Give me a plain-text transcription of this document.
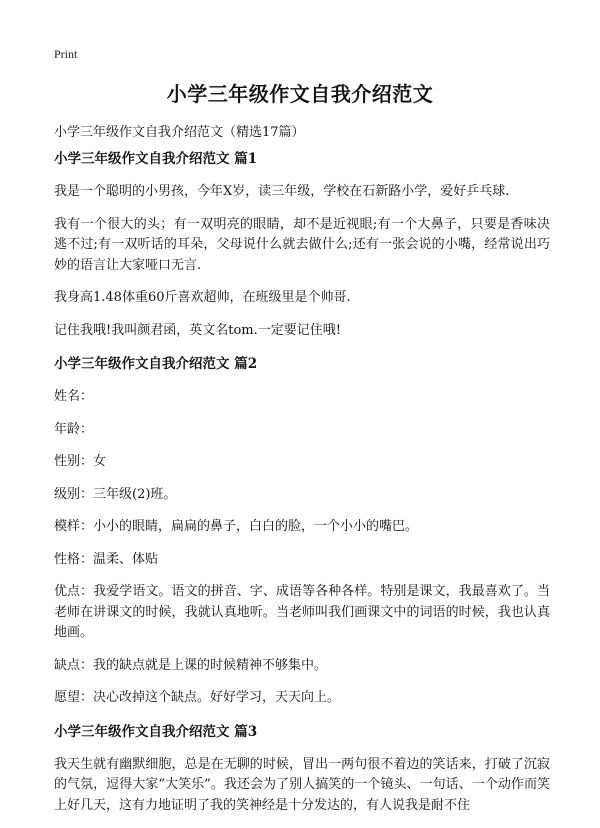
Print
小学三年级作文自我介绍范文
小学三年级作文自我介绍范文（精选17篇）

小学三年级作文自我介绍范文 篇1

我是一个聪明的小男孩，今年X岁，读三年级，学校在石新路小学，爱好乒乓球.

我有一个很大的头；有一双明亮的眼睛，却不是近视眼;有一个大鼻子，只要是香味决逃不过;有一双听话的耳朵，父母说什么就去做什么;还有一张会说的小嘴，经常说出巧妙的语言让大家哑口无言.

我身高1.48体重60斤喜欢超帅，在班级里是个帅哥.

记住我哦!我叫颜君函，英文名tom.一定要记住哦!

小学三年级作文自我介绍范文 篇2

姓名：

年龄：

性别：女

级别：三年级(2)班。

模样：小小的眼睛，扁扁的鼻子，白白的脸，一个小小的嘴巴。

性格：温柔、体贴

优点：我爱学语文。语文的拼音、字、成语等各种各样。特别是课文，我最喜欢了。当老师在讲课文的时候，我就认真地听。当老师叫我们画课文中的词语的时候，我也认真地画。

缺点：我的缺点就是上课的时候精神不够集中。

愿望：决心改掉这个缺点。好好学习，天天向上。

小学三年级作文自我介绍范文 篇3

我天生就有幽默细胞，总是在无聊的时候，冒出一两句很不着边的笑话来，打破了沉寂的气氛，逗得大家“大笑乐”。我还会为了别人搞笑的一个镜头、一句话、一个动作而笑上好几天，这有力地证明了我的笑神经是十分发达的，有人说我是耐不住
